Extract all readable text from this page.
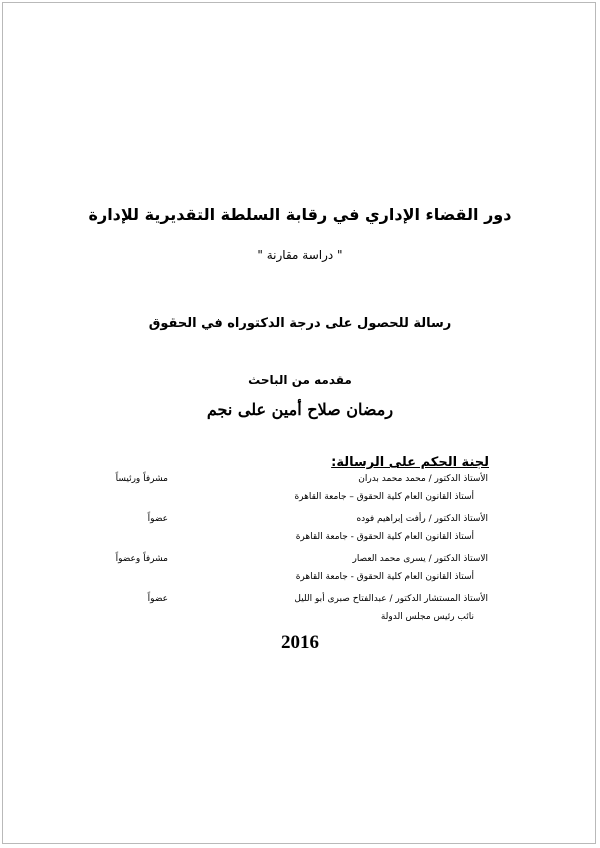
دور القضاء الإداري في رقابة السلطة التقديرية للإدارة
" دراسة مقارنة "
رسالة للحصول على درجة الدكتوراه في الحقوق
مقدمه من الباحث
رمضان صلاح أمين على نجم
لجنة الحكم على الرسالة:
الأستاذ الدكتور / محمد محمد بدران
مشرفاً ورئيساً
أستاذ القانون العام كلية الحقوق – جامعة القاهرة
الأستاذ الدكتور / رأفت إبراهيم فوده
عضواً
أستاذ القانون العام كلية الحقوق - جامعة القاهرة
الاستاذ الدكتور / يسرى محمد العصار
مشرفاً وعضواً
أستاذ القانون العام كلية الحقوق - جامعة القاهرة
الأستاذ المستشار الدكتور / عبدالفتاح صبرى أبو الليل
عضواً
نائب رئيس مجلس الدولة
2016
